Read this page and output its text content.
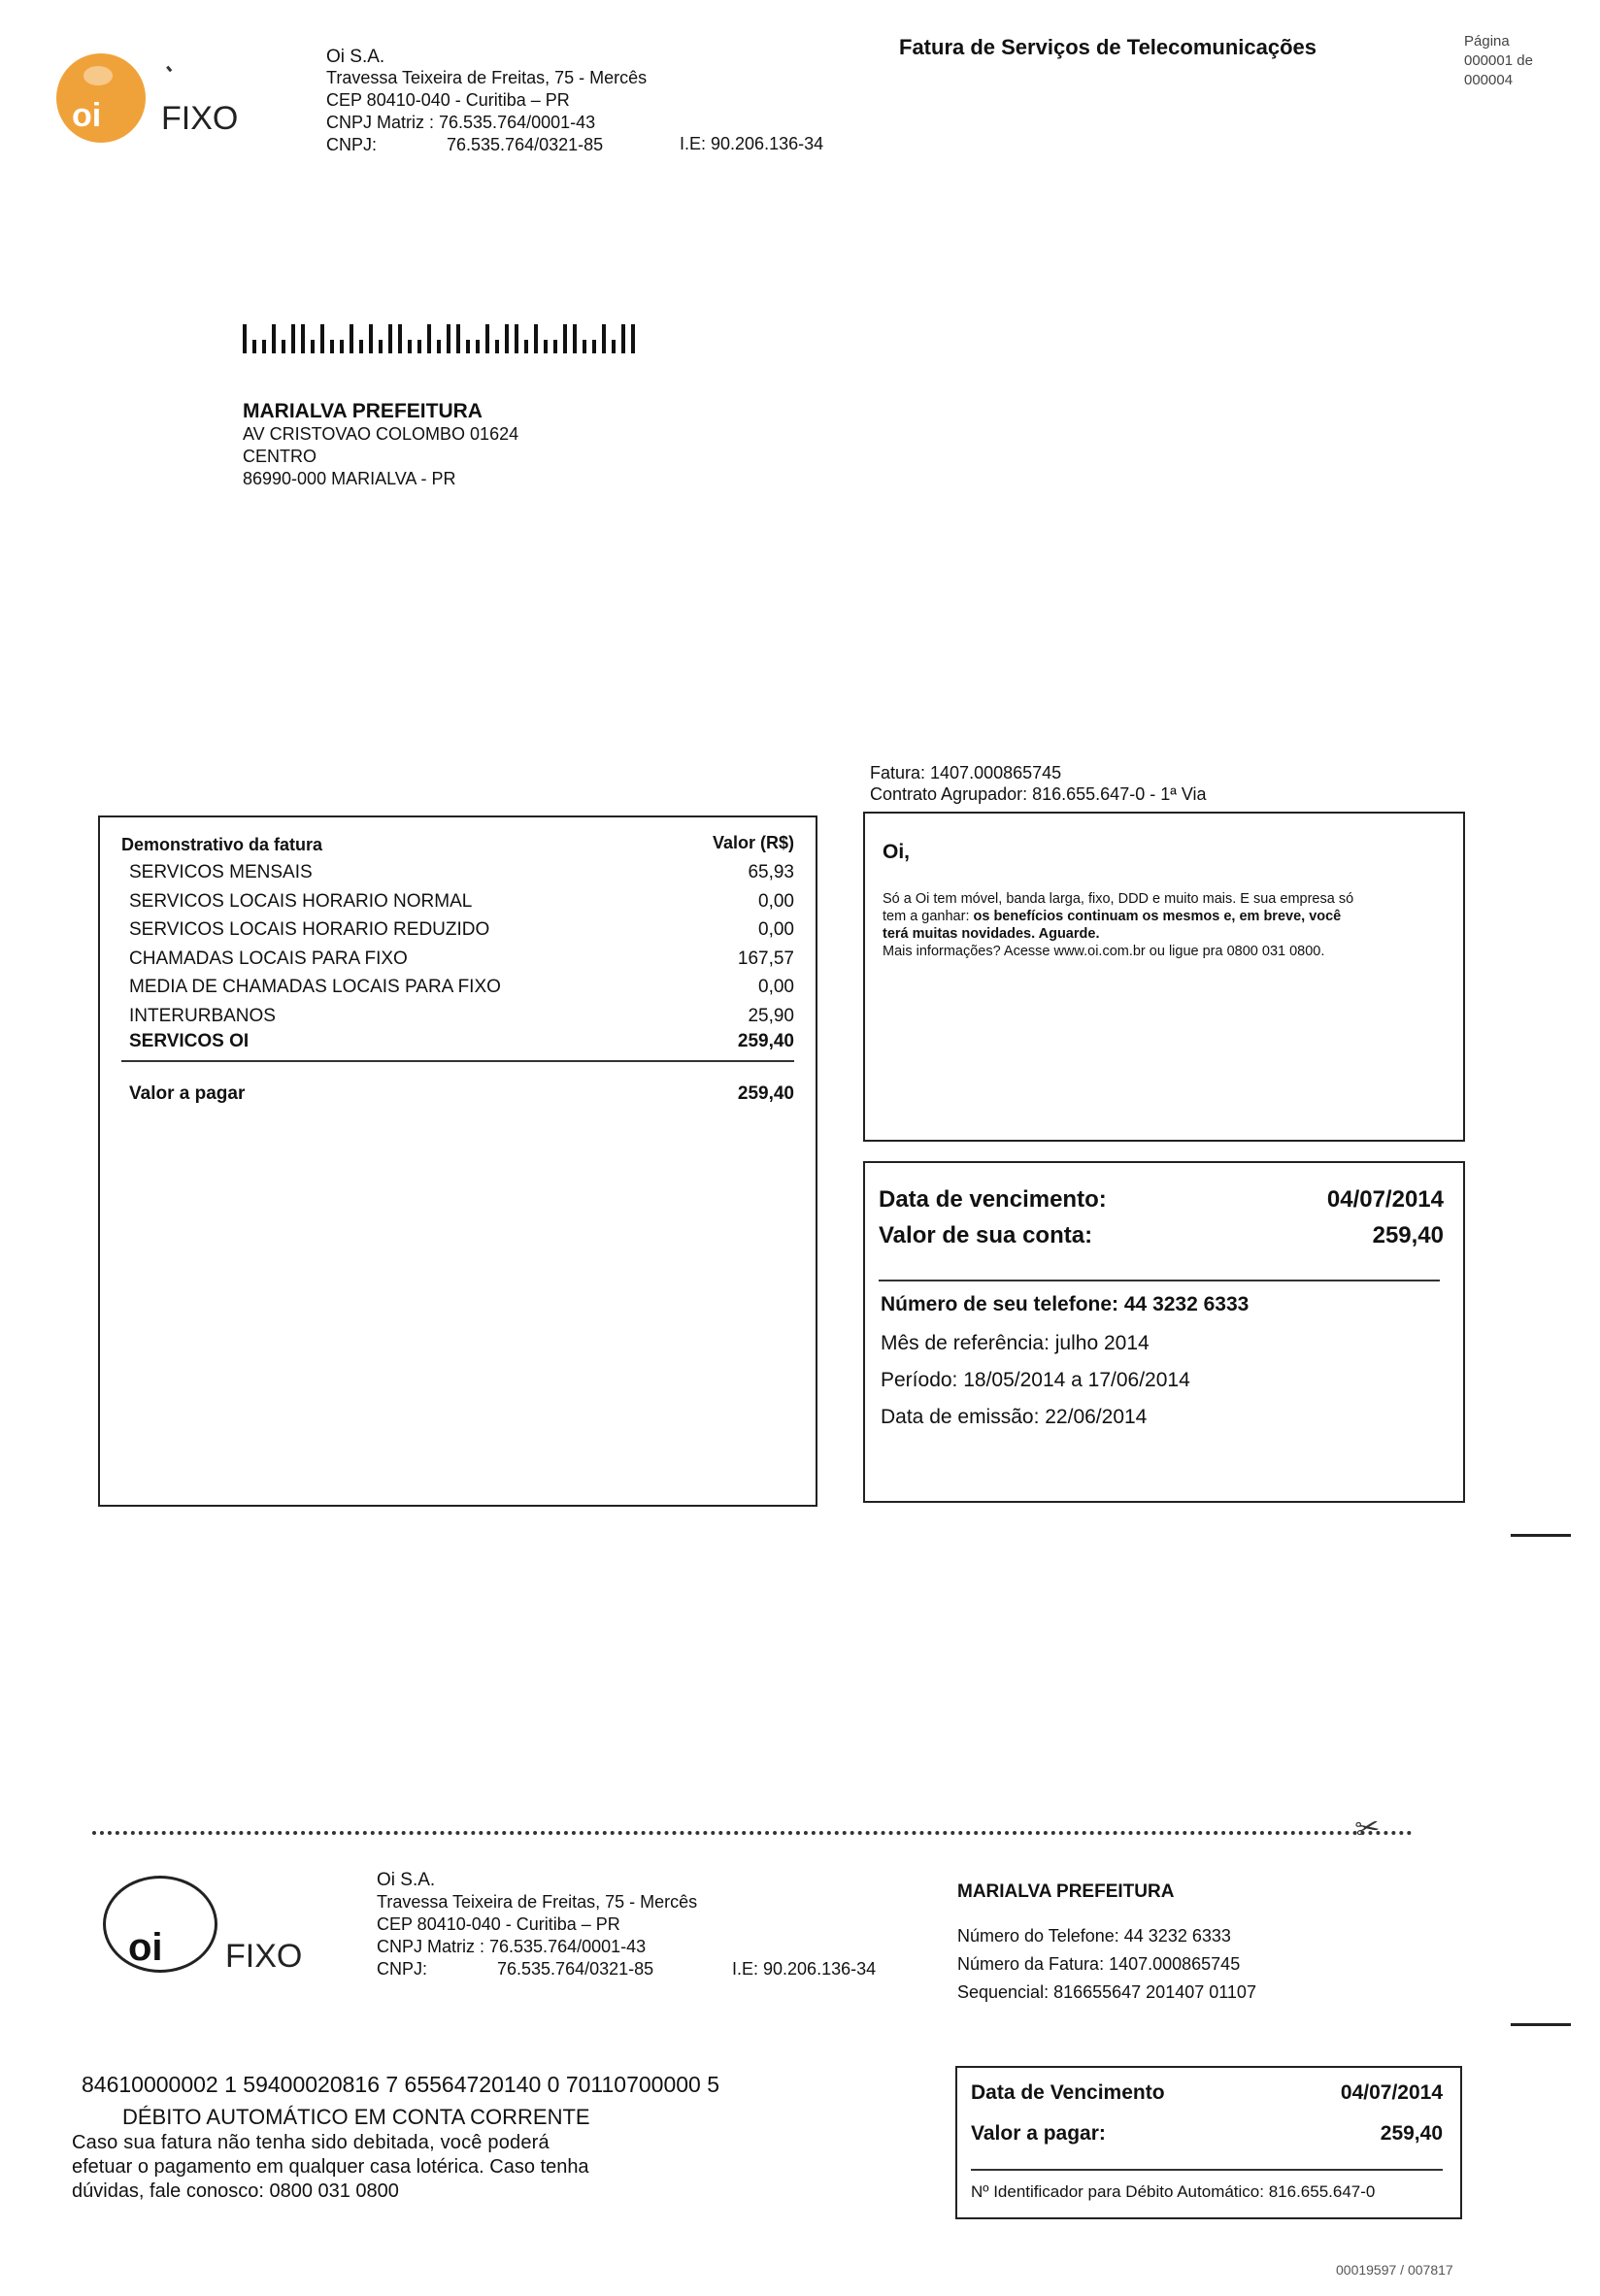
oi FIXO
Oi S.A.
Travessa Teixeira de Freitas, 75 - Mercês
CEP 80410-040 - Curitiba – PR
CNPJ Matriz : 76.535.764/0001-43
CNPJ:	76.535.764/0321-85	I.E: 90.206.136-34
Fatura de Serviços de Telecomunicações	Página
000001 de
000004
MARIALVA PREFEITURA
AV CRISTOVAO COLOMBO 01624
CENTRO
86990-000 MARIALVA - PR
Fatura: 1407.000865745
Contrato Agrupador: 816.655.647-0 - 1ª Via
Demonstrativo da fatura	Valor (R$)
SERVICOS MENSAIS	65,93
SERVICOS LOCAIS HORARIO NORMAL	0,00
SERVICOS LOCAIS HORARIO REDUZIDO	0,00
CHAMADAS LOCAIS PARA FIXO	167,57
MEDIA DE CHAMADAS LOCAIS PARA FIXO	0,00
INTERURBANOS	25,90
SERVICOS OI	259,40
Valor a pagar	259,40
Oi,
Só a Oi tem móvel, banda larga, fixo, DDD e muito mais. E sua empresa só
tem a ganhar: os benefícios continuam os mesmos e, em breve, você
terá muitas novidades. Aguarde.
Mais informações? Acesse www.oi.com.br ou ligue pra 0800 031 0800.
Data de vencimento:	04/07/2014
Valor de sua conta:	259,40
Número de seu telefone: 44 3232 6333
Mês de referência: julho 2014
Período: 18/05/2014 a 17/06/2014
Data de emissão: 22/06/2014
✂
oi FIXO
Oi S.A.
Travessa Teixeira de Freitas, 75 - Mercês
CEP 80410-040 - Curitiba – PR
CNPJ Matriz : 76.535.764/0001-43
CNPJ:	76.535.764/0321-85	I.E: 90.206.136-34
MARIALVA PREFEITURA
Número do Telefone: 44 3232 6333
Número da Fatura: 1407.000865745
Sequencial: 816655647 201407 01107
84610000002 1 59400020816 7 65564720140 0 70110700000 5
DÉBITO AUTOMÁTICO EM CONTA CORRENTE
Caso sua fatura não tenha sido debitada, você poderá
efetuar o pagamento em qualquer casa lotérica. Caso tenha
dúvidas, fale conosco: 0800 031 0800
Data de Vencimento	04/07/2014
Valor a pagar:	259,40
Nº Identificador para Débito Automático: 816.655.647-0
00019597 / 007817
